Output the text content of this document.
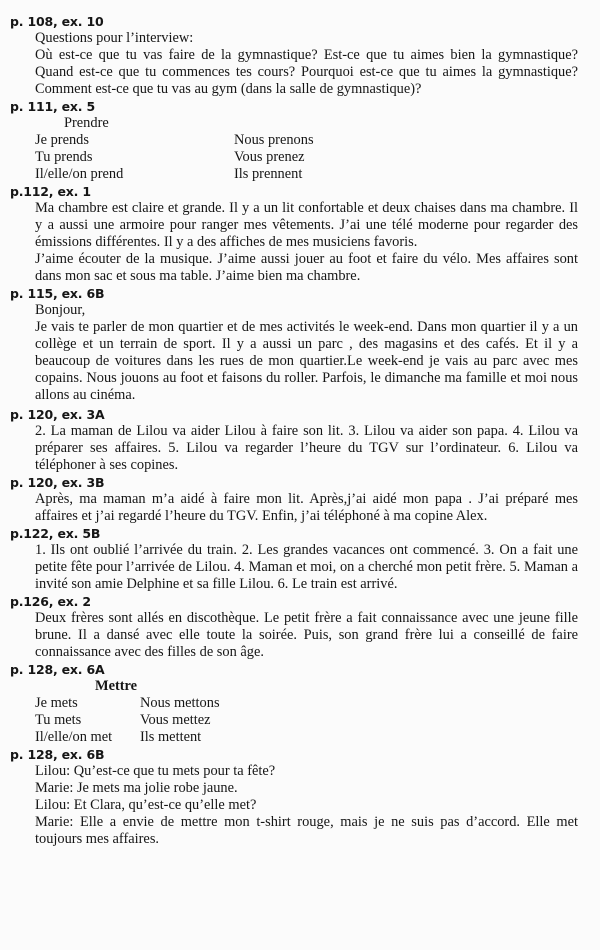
p. 108, ex. 10
Questions pour l’interview:
Où est-ce que tu vas faire de la gymnastique? Est-ce que tu aimes bien la gymnastique? Quand est-ce que tu commences tes cours? Pourquoi est-ce que tu aimes la gymnastique? Comment est-ce que tu vas au gym (dans la salle de gymnastique)?
p. 111, ex. 5
Prendre
Je prends	Nous prenons
Tu prends	Vous prenez
Il/elle/on prend	Ils prennent
p.112, ex. 1
Ma chambre est claire et grande. Il y a un lit confortable et deux chaises dans ma chambre. Il y a aussi une armoire pour ranger mes vêtements. J’ai une télé moderne pour regarder des émissions différentes. Il y a des affiches de mes musiciens favoris.
J’aime écouter de la musique. J’aime aussi jouer au foot et faire du vélo. Mes affaires sont dans mon sac et sous ma table. J’aime bien ma chambre.
p. 115, ex. 6B
Bonjour,
Je vais te parler de mon quartier et de mes activités le week-end. Dans mon quartier il y a un collège et un terrain de sport. Il y a aussi un parc , des magasins et des cafés. Et il y a beaucoup de voitures dans les rues de mon quartier.Le week-end je vais au parc avec mes copains. Nous jouons au foot et faisons du roller. Parfois, le dimanche ma famille et moi nous allons au cinéma.
p. 120, ex. 3A
2. La maman de Lilou va aider Lilou à faire son lit. 3. Lilou va aider son papa. 4. Lilou va préparer ses affaires. 5. Lilou va regarder l’heure du TGV sur l’ordinateur. 6. Lilou va téléphoner à ses copines.
p. 120, ex. 3B
Après, ma maman m’a aidé à faire mon lit. Après,j’ai aidé mon papa . J’ai préparé mes affaires et j’ai regardé l’heure du TGV. Enfin, j’ai téléphoné à ma copine Alex.
p.122, ex. 5B
1. Ils ont oublié l’arrivée du train. 2. Les grandes vacances ont commencé. 3. On a fait une petite fête pour l’arrivée de Lilou. 4. Maman et moi, on a cherché mon petit frère. 5. Maman a invité son amie Delphine et sa fille Lilou. 6. Le train est arrivé.
p.126, ex. 2
Deux frères sont allés en discothèque. Le petit frère a fait connaissance avec une jeune fille brune. Il a dansé avec elle toute la soirée. Puis, son grand frère lui a conseillé de faire connaissance avec des filles de son âge.
p. 128, ex. 6A
Mettre
Je mets	Nous mettons
Tu mets	Vous mettez
Il/elle/on met	Ils mettent
p. 128, ex. 6B
Lilou: Qu’est-ce que tu mets pour ta fête?
Marie: Je mets ma jolie robe jaune.
Lilou: Et Clara, qu’est-ce qu’elle met?
Marie: Elle a envie de mettre mon t-shirt rouge, mais je ne suis pas d’accord. Elle met toujours mes affaires.
